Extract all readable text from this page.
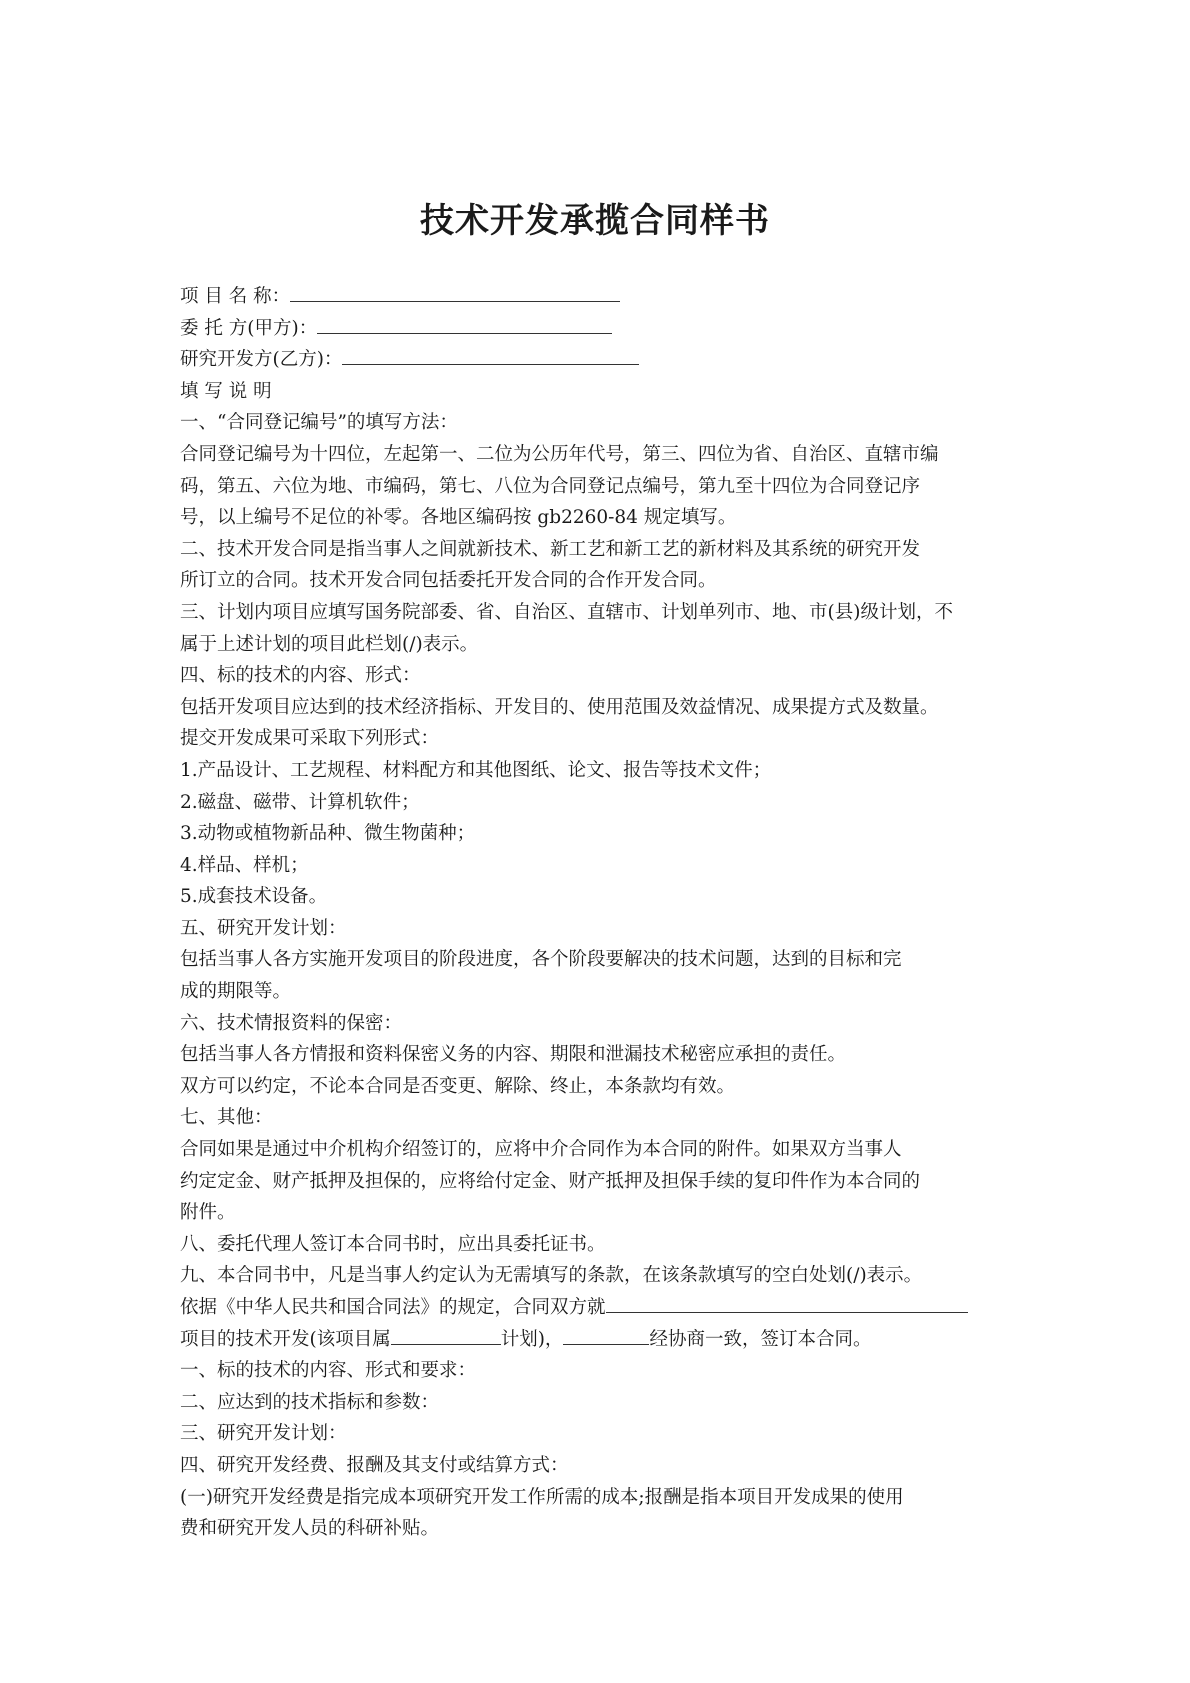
技术开发承揽合同样书

项 目 名 称：

委 托 方(甲方)：

研究开发方(乙方)：

填 写 说 明

一、“合同登记编号”的填写方法：

合同登记编号为十四位，左起第一、二位为公历年代号，第三、四位为省、自治区、直辖市编

码，第五、六位为地、市编码，第七、八位为合同登记点编号，第九至十四位为合同登记序

号，以上编号不足位的补零。各地区编码按 gb2260-84 规定填写。

二、技术开发合同是指当事人之间就新技术、新工艺和新工艺的新材料及其系统的研究开发

所订立的合同。技术开发合同包括委托开发合同的合作开发合同。

三、计划内项目应填写国务院部委、省、自治区、直辖市、计划单列市、地、市(县)级计划，不

属于上述计划的项目此栏划(/)表示。

四、标的技术的内容、形式：

包括开发项目应达到的技术经济指标、开发目的、使用范围及效益情况、成果提方式及数量。

提交开发成果可采取下列形式：

1.产品设计、工艺规程、材料配方和其他图纸、论文、报告等技术文件；

2.磁盘、磁带、计算机软件；

3.动物或植物新品种、微生物菌种；

4.样品、样机；

5.成套技术设备。

五、研究开发计划：

包括当事人各方实施开发项目的阶段进度，各个阶段要解决的技术问题，达到的目标和完

成的期限等。

六、技术情报资料的保密：

包括当事人各方情报和资料保密义务的内容、期限和泄漏技术秘密应承担的责任。

双方可以约定，不论本合同是否变更、解除、终止，本条款均有效。

七、其他：

合同如果是通过中介机构介绍签订的，应将中介合同作为本合同的附件。如果双方当事人

约定定金、财产抵押及担保的，应将给付定金、财产抵押及担保手续的复印件作为本合同的

附件。

八、委托代理人签订本合同书时，应出具委托证书。

九、本合同书中，凡是当事人约定认为无需填写的条款，在该条款填写的空白处划(/)表示。

依据《中华人民共和国合同法》的规定，合同双方就

项目的技术开发(该项目属	计划)，	经协商一致，签订本合同。

一、标的技术的内容、形式和要求：

二、应达到的技术指标和参数：

三、研究开发计划：

四、研究开发经费、报酬及其支付或结算方式：

(一)研究开发经费是指完成本项研究开发工作所需的成本;报酬是指本项目开发成果的使用

费和研究开发人员的科研补贴。
